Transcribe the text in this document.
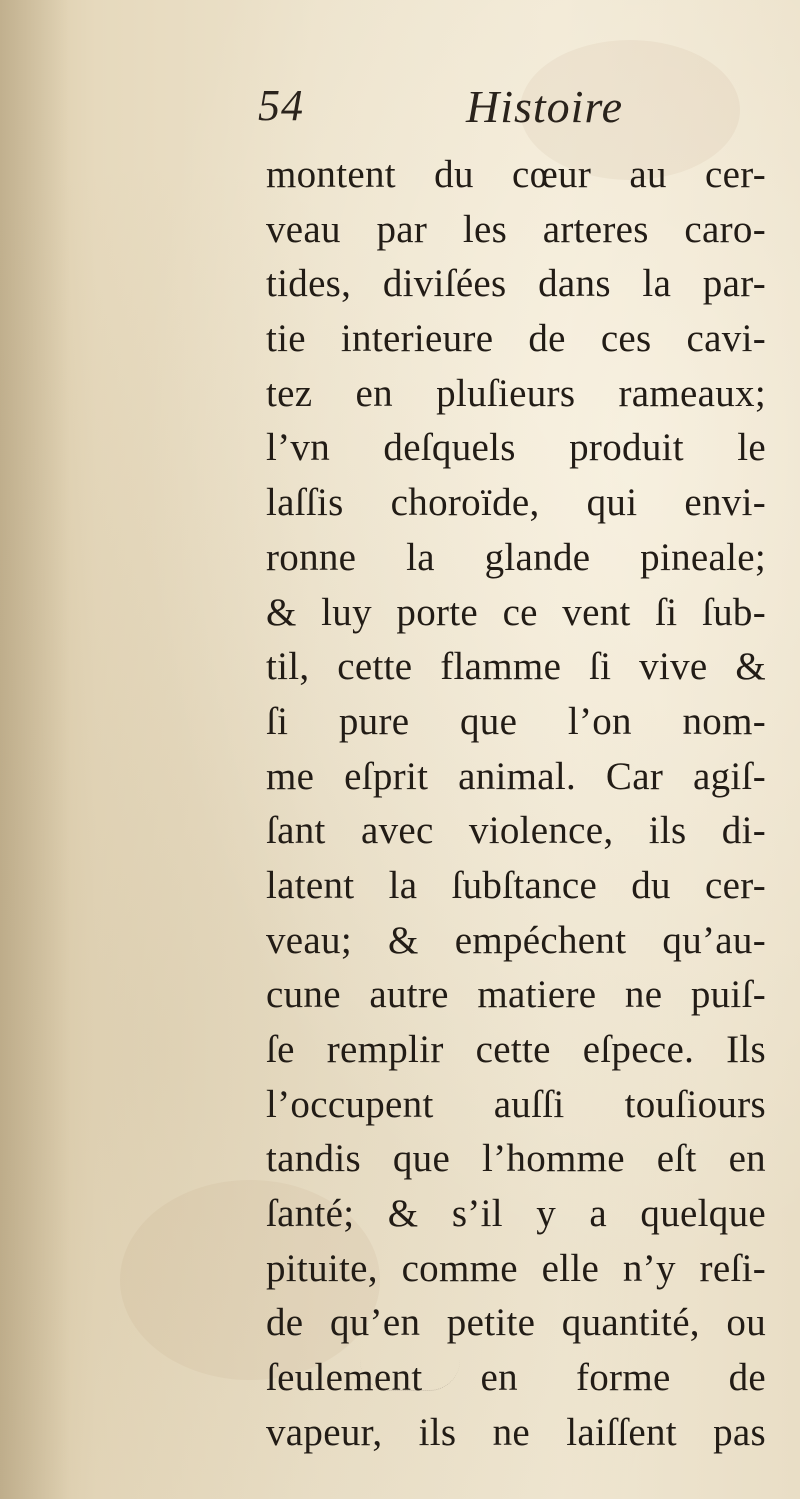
54	Histoire
montent du cœur au cer-
veau par les arteres caro-
tides, diviſées dans la par-
tie interieure de ces cavi-
tez en pluſieurs rameaux;
l’vn deſquels produit le
laſſis choroïde, qui envi-
ronne la glande pineale;
& luy porte ce vent ſi ſub-
til, cette flamme ſi vive &
ſi pure que l’on nom-
me eſprit animal. Car agiſ-
ſant avec violence, ils di-
latent la ſubſtance du cer-
veau; & empéchent qu’au-
cune autre matiere ne puiſ-
ſe remplir cette eſpece. Ils
l’occupent auſſi touſiours
tandis que l’homme eſt en
ſanté; & s’il y a quelque
pituite, comme elle n’y reſi-
de qu’en petite quantité, ou
ſeulement en forme de
vapeur, ils ne laiſſent pas
